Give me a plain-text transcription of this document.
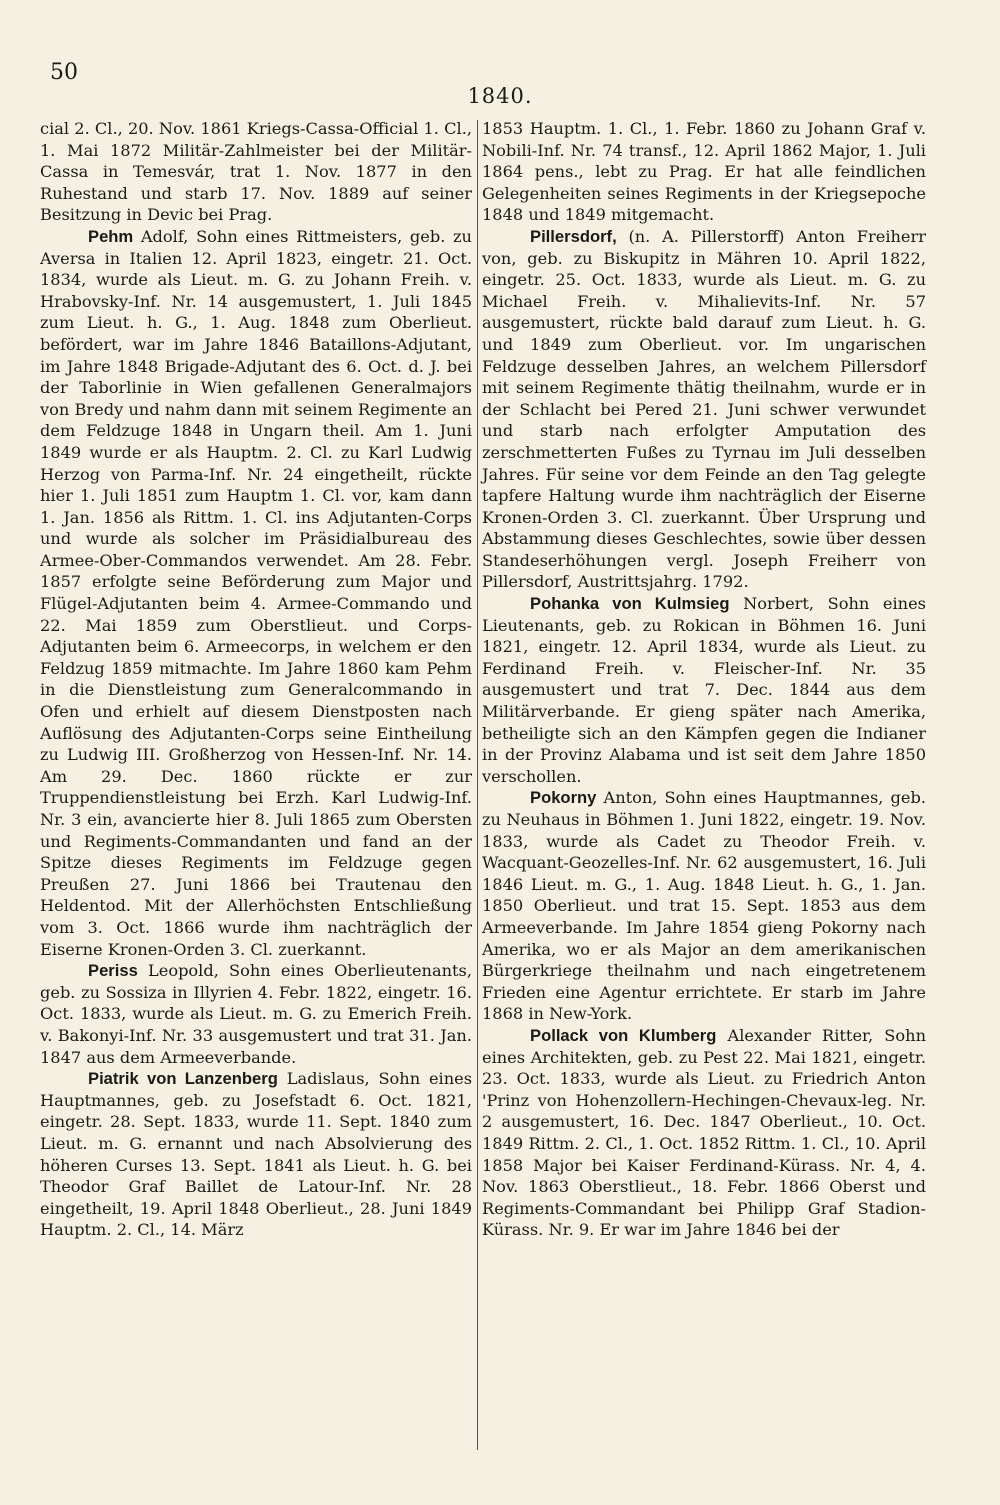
50
1840.

cial 2. Cl., 20. Nov. 1861 Kriegs-Cassa-Official 1. Cl., 1. Mai 1872 Militär-Zahlmeister bei der Militär-Cassa in Temesvár, trat 1. Nov. 1877 in den Ruhestand und starb 17. Nov. 1889 auf seiner Besitzung in Devic bei Prag.

Pehm Adolf, Sohn eines Rittmeisters, geb. zu Aversa in Italien 12. April 1823, eingetr. 21. Oct. 1834, wurde als Lieut. m. G. zu Johann Freih. v. Hrabovsky-Inf. Nr. 14 ausgemustert, 1. Juli 1845 zum Lieut. h. G., 1. Aug. 1848 zum Oberlieut. befördert, war im Jahre 1846 Bataillons-Adjutant, im Jahre 1848 Brigade-Adjutant des 6. Oct. d. J. bei der Taborlinie in Wien gefallenen Generalmajors von Bredy und nahm dann mit seinem Regimente an dem Feldzuge 1848 in Ungarn theil. Am 1. Juni 1849 wurde er als Hauptm. 2. Cl. zu Karl Ludwig Herzog von Parma-Inf. Nr. 24 eingetheilt, rückte hier 1. Juli 1851 zum Hauptm 1. Cl. vor, kam dann 1. Jan. 1856 als Rittm. 1. Cl. ins Adjutanten-Corps und wurde als solcher im Präsidialbureau des Armee-Ober-Commandos verwendet. Am 28. Febr. 1857 erfolgte seine Beförderung zum Major und Flügel-Adjutanten beim 4. Armee-Commando und 22. Mai 1859 zum Oberstlieut. und Corps-Adjutanten beim 6. Armeecorps, in welchem er den Feldzug 1859 mitmachte. Im Jahre 1860 kam Pehm in die Dienstleistung zum Generalcommando in Ofen und erhielt auf diesem Dienstposten nach Auflösung des Adjutanten-Corps seine Eintheilung zu Ludwig III. Großherzog von Hessen-Inf. Nr. 14. Am 29. Dec. 1860 rückte er zur Truppendienstleistung bei Erzh. Karl Ludwig-Inf. Nr. 3 ein, avancierte hier 8. Juli 1865 zum Obersten und Regiments-Commandanten und fand an der Spitze dieses Regiments im Feldzuge gegen Preußen 27. Juni 1866 bei Trautenau den Heldentod. Mit der Allerhöchsten Entschließung vom 3. Oct. 1866 wurde ihm nachträglich der Eiserne Kronen-Orden 3. Cl. zuerkannt.

Periss Leopold, Sohn eines Oberlieutenants, geb. zu Sossiza in Illyrien 4. Febr. 1822, eingetr. 16. Oct. 1833, wurde als Lieut. m. G. zu Emerich Freih. v. Bakonyi-Inf. Nr. 33 ausgemustert und trat 31. Jan. 1847 aus dem Armeeverbande.

Piatrik von Lanzenberg Ladislaus, Sohn eines Hauptmannes, geb. zu Josefstadt 6. Oct. 1821, eingetr. 28. Sept. 1833, wurde 11. Sept. 1840 zum Lieut. m. G. ernannt und nach Absolvierung des höheren Curses 13. Sept. 1841 als Lieut. h. G. bei Theodor Graf Baillet de Latour-Inf. Nr. 28 eingetheilt, 19. April 1848 Oberlieut., 28. Juni 1849 Hauptm. 2. Cl., 14. März

1853 Hauptm. 1. Cl., 1. Febr. 1860 zu Johann Graf v. Nobili-Inf. Nr. 74 transf., 12. April 1862 Major, 1. Juli 1864 pens., lebt zu Prag. Er hat alle feindlichen Gelegenheiten seines Regiments in der Kriegsepoche 1848 und 1849 mitgemacht.

Pillersdorf, (n. A. Pillerstorff) Anton Freiherr von, geb. zu Biskupitz in Mähren 10. April 1822, eingetr. 25. Oct. 1833, wurde als Lieut. m. G. zu Michael Freih. v. Mihalievits-Inf. Nr. 57 ausgemustert, rückte bald darauf zum Lieut. h. G. und 1849 zum Oberlieut. vor. Im ungarischen Feldzuge desselben Jahres, an welchem Pillersdorf mit seinem Regimente thätig theilnahm, wurde er in der Schlacht bei Pered 21. Juni schwer verwundet und starb nach erfolgter Amputation des zerschmetterten Fußes zu Tyrnau im Juli desselben Jahres. Für seine vor dem Feinde an den Tag gelegte tapfere Haltung wurde ihm nachträglich der Eiserne Kronen-Orden 3. Cl. zuerkannt. Über Ursprung und Abstammung dieses Geschlechtes, sowie über dessen Standeserhöhungen vergl. Joseph Freiherr von Pillersdorf, Austrittsjahrg. 1792.

Pohanka von Kulmsieg Norbert, Sohn eines Lieutenants, geb. zu Rokican in Böhmen 16. Juni 1821, eingetr. 12. April 1834, wurde als Lieut. zu Ferdinand Freih. v. Fleischer-Inf. Nr. 35 ausgemustert und trat 7. Dec. 1844 aus dem Militärverbande. Er gieng später nach Amerika, betheiligte sich an den Kämpfen gegen die Indianer in der Provinz Alabama und ist seit dem Jahre 1850 verschollen.

Pokorny Anton, Sohn eines Hauptmannes, geb. zu Neuhaus in Böhmen 1. Juni 1822, eingetr. 19. Nov. 1833, wurde als Cadet zu Theodor Freih. v. Wacquant-Geozelles-Inf. Nr. 62 ausgemustert, 16. Juli 1846 Lieut. m. G., 1. Aug. 1848 Lieut. h. G., 1. Jan. 1850 Oberlieut. und trat 15. Sept. 1853 aus dem Armeeverbande. Im Jahre 1854 gieng Pokorny nach Amerika, wo er als Major an dem amerikanischen Bürgerkriege theilnahm und nach eingetretenem Frieden eine Agentur errichtete. Er starb im Jahre 1868 in New-York.

Pollack von Klumberg Alexander Ritter, Sohn eines Architekten, geb. zu Pest 22. Mai 1821, eingetr. 23. Oct. 1833, wurde als Lieut. zu Friedrich Anton 'Prinz von Hohenzollern-Hechingen-Chevaux-leg. Nr. 2 ausgemustert, 16. Dec. 1847 Oberlieut., 10. Oct. 1849 Rittm. 2. Cl., 1. Oct. 1852 Rittm. 1. Cl., 10. April 1858 Major bei Kaiser Ferdinand-Kürass. Nr. 4, 4. Nov. 1863 Oberstlieut., 18. Febr. 1866 Oberst und Regiments-Commandant bei Philipp Graf Stadion-Kürass. Nr. 9. Er war im Jahre 1846 bei der
